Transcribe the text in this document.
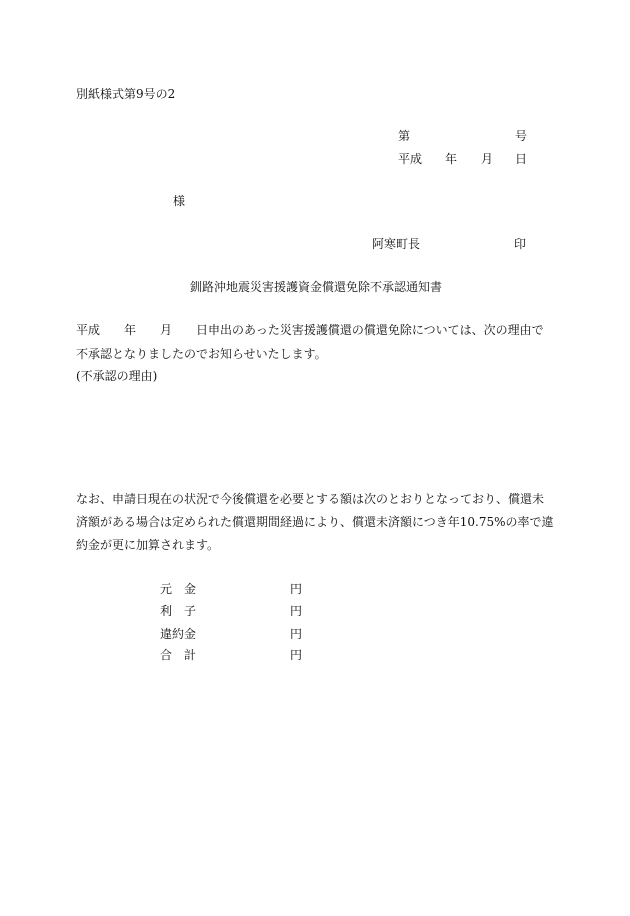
別紙様式第9号の2
第	号
平成 年 月 日
様
阿寒町長	印
釧路沖地震災害援護資金償還免除不承認通知書
平成　　年　　月　　日申出のあった災害援護償還の償還免除については、次の理由で
不承認となりましたのでお知らせいたします。
(不承認の理由)
なお、申請日現在の状況で今後償還を必要とする額は次のとおりとなっており、償還未
済額がある場合は定められた償還期間経過により、償還未済額につき年10.75%の率で違
約金が更に加算されます。
元　金	円
利　子	円
違約金	円
合　計	円
